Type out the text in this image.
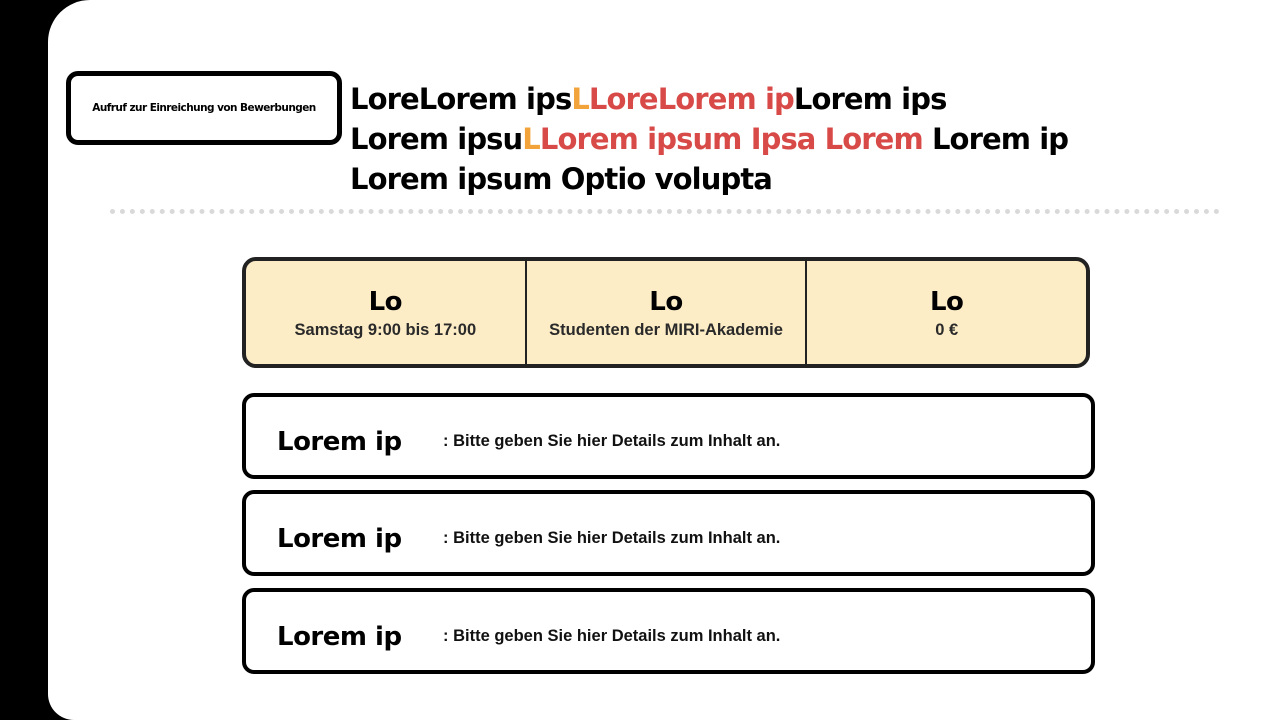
Aufruf zur Einreichung von Bewerbungen LoreLorem ipsLLoreLorem ipLorem ips
Lorem ipsuLLorem ipsum Ipsa Lorem Lorem ip
Lorem ipsum Optio volupta
Lo
Samstag 9:00 bis 17:00
Lo
Studenten der MIRI-Akademie
Lo
0 €
Lorem ip	: Bitte geben Sie hier Details zum Inhalt an.
Lorem ip	: Bitte geben Sie hier Details zum Inhalt an.
Lorem ip	: Bitte geben Sie hier Details zum Inhalt an.
